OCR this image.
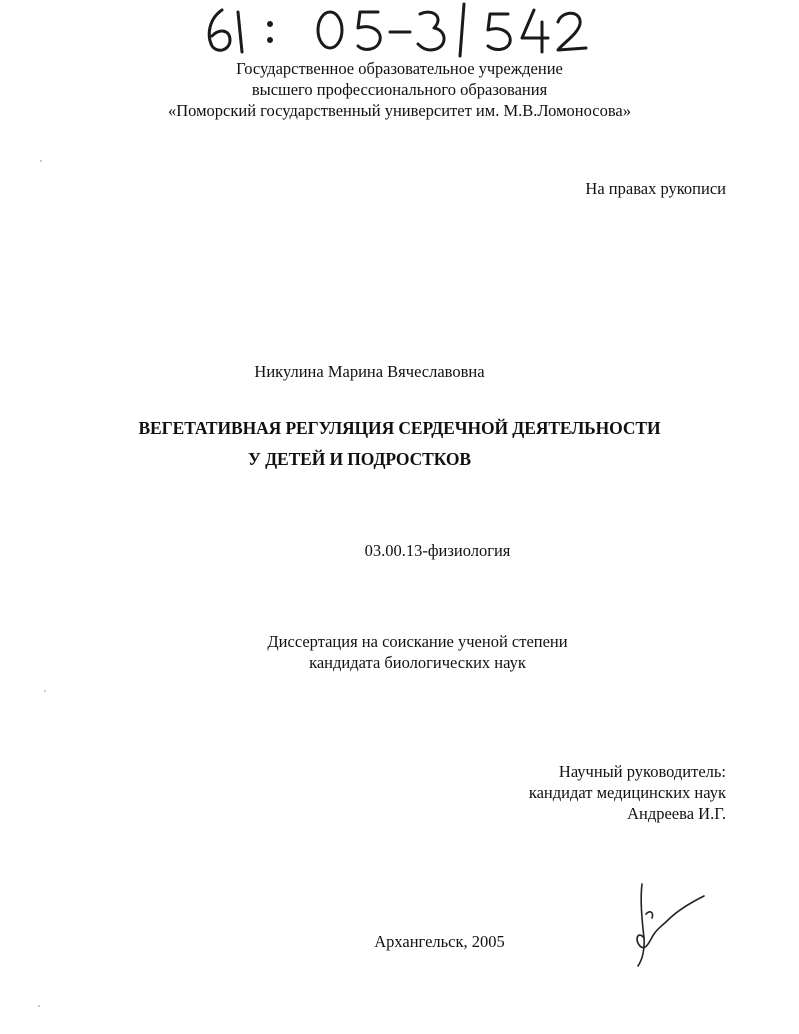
Государственное образовательное учреждение
высшего профессионального образования
«Поморский государственный университет им. М.В.Ломоносова»
На правах рукописи
Никулина Марина Вячеславовна
ВЕГЕТАТИВНАЯ РЕГУЛЯЦИЯ СЕРДЕЧНОЙ ДЕЯТЕЛЬНОСТИ
У ДЕТЕЙ И ПОДРОСТКОВ
03.00.13-физиология
Диссертация на соискание ученой степени
кандидата биологических наук
Научный руководитель:
кандидат медицинских наук
Андреева И.Г.
Архангельск, 2005
